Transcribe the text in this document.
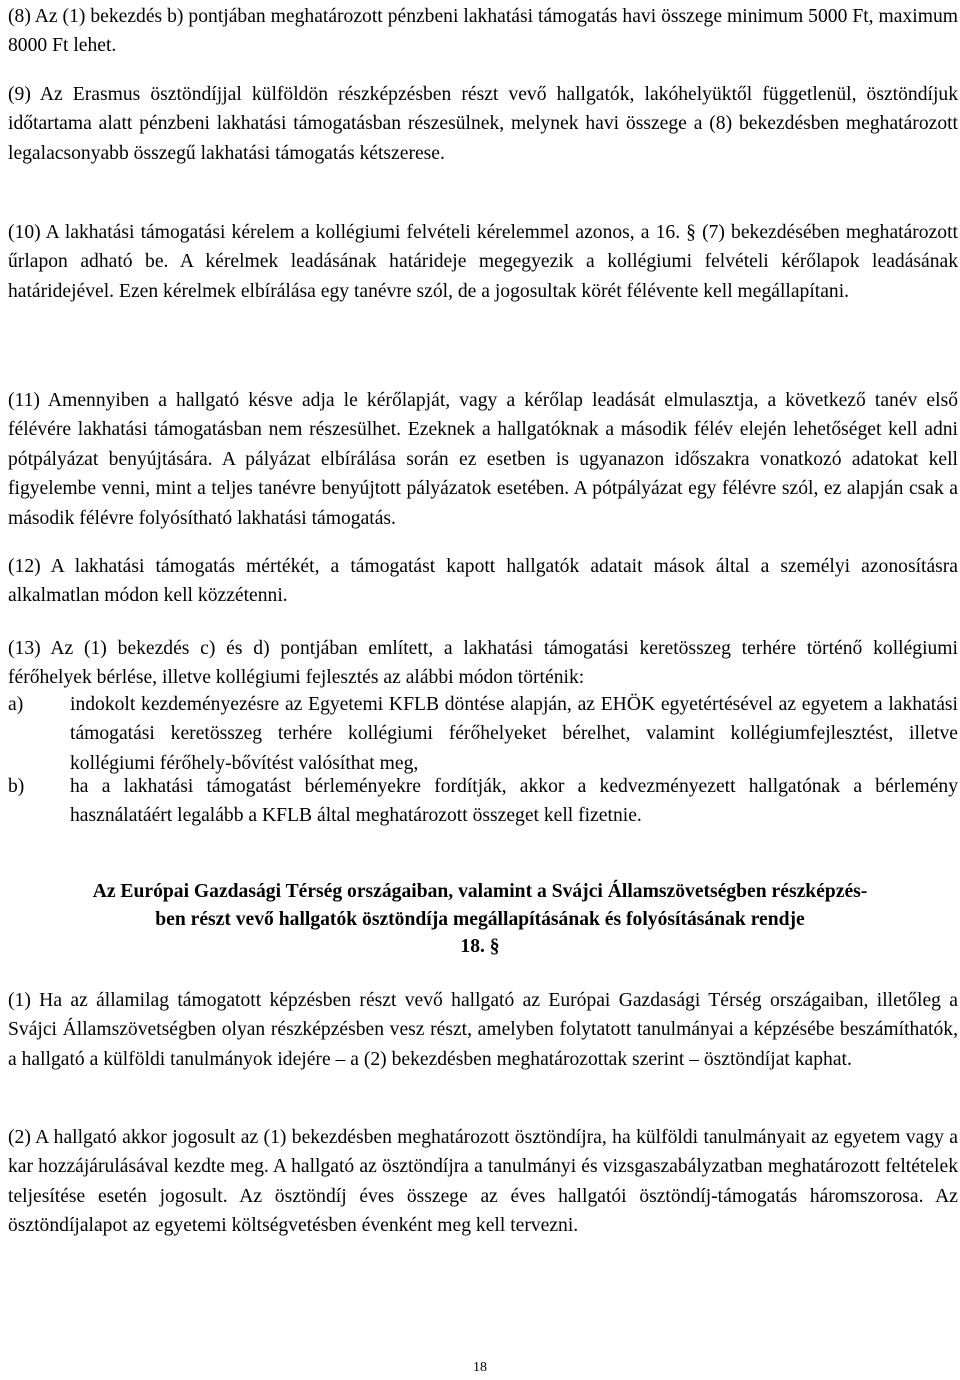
(8) Az (1) bekezdés b) pontjában meghatározott pénzbeni lakhatási támogatás havi összege minimum 5000 Ft, maximum 8000 Ft lehet.

(9) Az Erasmus ösztöndíjjal külföldön részképzésben részt vevő hallgatók, lakóhelyüktől függetlenül, ösztöndíjuk időtartama alatt pénzbeni lakhatási támogatásban részesülnek, melynek havi összege a (8) bekezdésben meghatározott legalacsonyabb összegű lakhatási támogatás kétszerese.

(10) A lakhatási támogatási kérelem a kollégiumi felvételi kérelemmel azonos, a 16. § (7) bekezdésében meghatározott űrlapon adható be. A kérelmek leadásának határideje megegyezik a kollégiumi felvételi kérőlapok leadásának határidejével. Ezen kérelmek elbírálása egy tanévre szól, de a jogosultak körét félévente kell megállapítani.

(11) Amennyiben a hallgató késve adja le kérőlapját, vagy a kérőlap leadását elmulasztja, a következő tanév első félévére lakhatási támogatásban nem részesülhet. Ezeknek a hallgatóknak a második félév elején lehetőséget kell adni pótpályázat benyújtására. A pályázat elbírálása során ez esetben is ugyanazon időszakra vonatkozó adatokat kell figyelembe venni, mint a teljes tanévre benyújtott pályázatok esetében. A pótpályázat egy félévre szól, ez alapján csak a második félévre folyósítható lakhatási támogatás.

(12) A lakhatási támogatás mértékét, a támogatást kapott hallgatók adatait mások által a személyi azonosításra alkalmatlan módon kell közzétenni.

(13) Az (1) bekezdés c) és d) pontjában említett, a lakhatási támogatási keretösszeg terhére történő kollégiumi férőhelyek bérlése, illetve kollégiumi fejlesztés az alábbi módon történik:

a)	indokolt kezdeményezésre az Egyetemi KFLB döntése alapján, az EHÖK egyetértésével az egyetem a lakhatási támogatási keretösszeg terhére kollégiumi férőhelyeket bérelhet, valamint kollégiumfejlesztést, illetve kollégiumi férőhely-bővítést valósíthat meg,
b)	ha a lakhatási támogatást bérleményekre fordítják, akkor a kedvezményezett hallgatónak a bérlemény használatáért legalább a KFLB által meghatározott összeget kell fizetnie.

Az Európai Gazdasági Térség országaiban, valamint a Svájci Államszövetségben részképzés-

ben részt vevő hallgatók ösztöndíja megállapításának és folyósításának rendje

18. §

(1) Ha az államilag támogatott képzésben részt vevő hallgató az Európai Gazdasági Térség országaiban, illetőleg a Svájci Államszövetségben olyan részképzésben vesz részt, amelyben folytatott tanulmányai a képzésébe beszámíthatók, a hallgató a külföldi tanulmányok idejére – a (2) bekezdésben meghatározottak szerint – ösztöndíjat kaphat.

(2) A hallgató akkor jogosult az (1) bekezdésben meghatározott ösztöndíjra, ha külföldi tanulmányait az egyetem vagy a kar hozzájárulásával kezdte meg. A hallgató az ösztöndíjra a tanulmányi és vizsgaszabályzatban meghatározott feltételek teljesítése esetén jogosult. Az ösztöndíj éves összege az éves hallgatói ösztöndíj-támogatás háromszorosa. Az ösztöndíjalapot az egyetemi költségvetésben évenként meg kell tervezni.

18
